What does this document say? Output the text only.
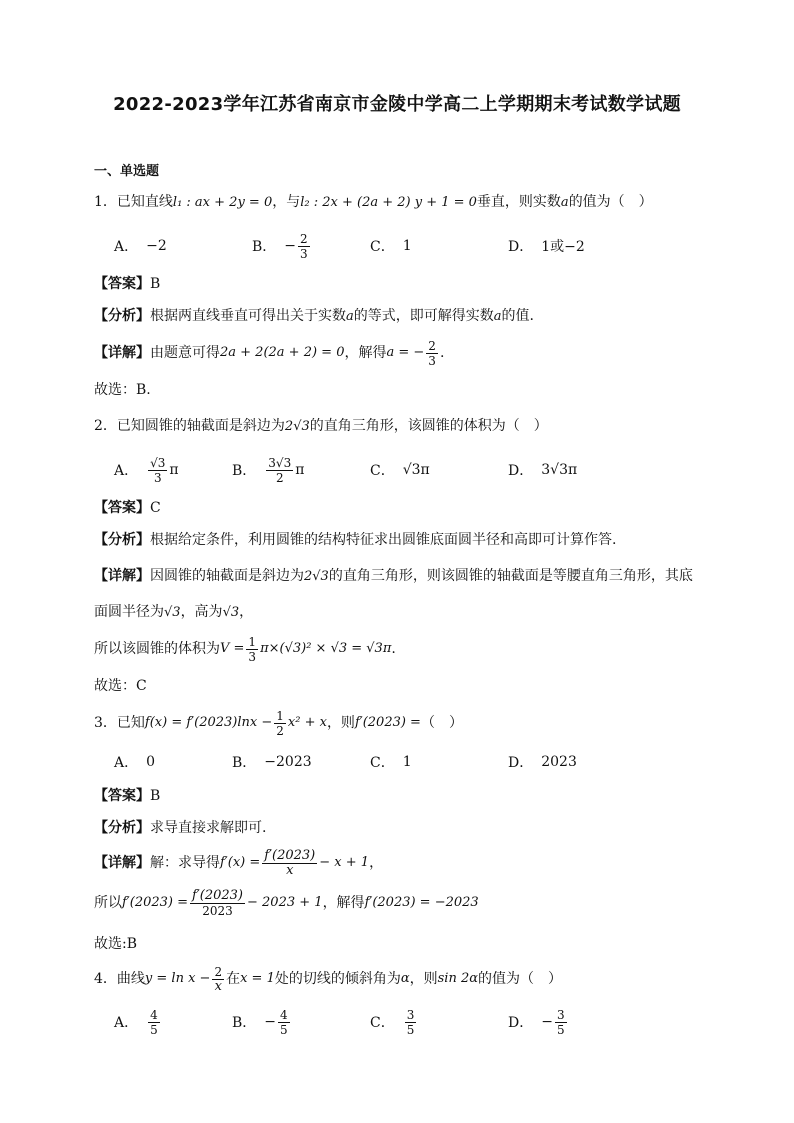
2022-2023学年江苏省南京市金陵中学高二上学期期末考试数学试题
一、单选题
1．已知直线l₁ : ax + 2y = 0，与l₂ : 2x + (2a + 2) y + 1 = 0垂直，则实数a的值为（　）
A． −2	B． − $\frac{2}{3}$	C． 1	D． 1或−2
【答案】B
【分析】根据两直线垂直可得出关于实数a的等式，即可解得实数a的值.
【详解】 由题意可得 2a + 2(2a + 2) = 0 ，解得 a = − $\frac{2}{3}$ .
故选：B.
2．已知圆锥的轴截面是斜边为2√3的直角三角形，该圆锥的体积为（　）
A． $\frac{√3}{3}$ π	B． $\frac{3√3}{2}$ π	C． √3π	D． 3√3π
【答案】C
【分析】根据给定条件，利用圆锥的结构特征求出圆锥底面圆半径和高即可计算作答.
【详解】因圆锥的轴截面是斜边为2√3的直角三角形，则该圆锥的轴截面是等腰直角三角形，其底
面圆半径为√3，高为√3，
所以该圆锥的体积为 $V = \frac{1}{3} \pi\times(√3)^2 \times √3 = √3\pi$ .
故选：C
3．已知 $f(x) = f'(2023)\ln x - \frac{1}{2} x^2 + x$ ，则 f′(2023) = （　）
A． 0	B． −2023	C． 1	D． 2023
【答案】B
【分析】求导直接求解即可.
【详解】 解：求导得 $f'(x) = \frac{f'(2023)}{x} - x + 1$ ，
所以 $f'(2023) = \frac{f'(2023)}{2023} - 2023 + 1$ ，解得 f′(2023) = −2023
故选:B
4．曲线 $y = \ln x - \frac{2}{x}$ 在 x = 1 处的切线的倾斜角为 α ，则 sin 2α 的值为（　）
A． $\frac{4}{5}$	B． − $\frac{4}{5}$	C． $\frac{3}{5}$	D． − $\frac{3}{5}$
